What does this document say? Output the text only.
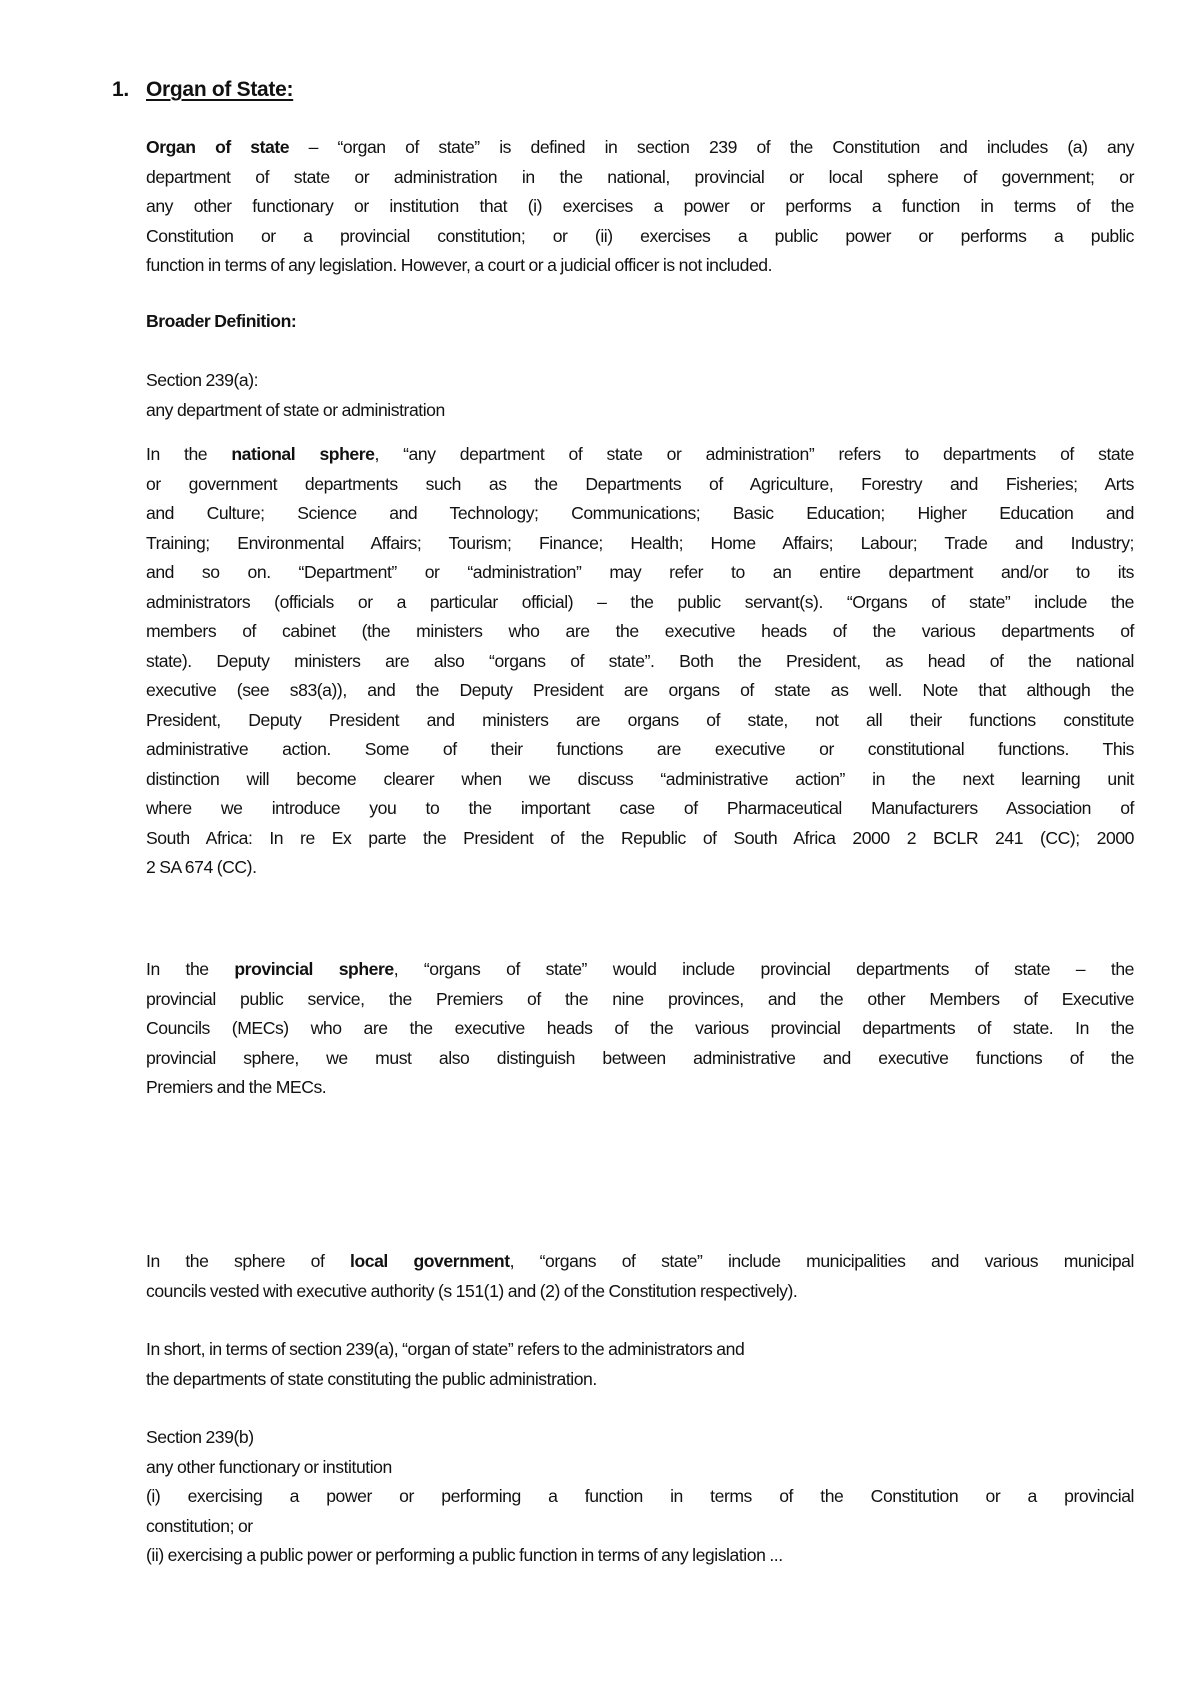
1. Organ of State:
Organ of state – “organ of state” is defined in section 239 of the Constitution and includes (a) any
department of state or administration in the national, provincial or local sphere of government; or
any other functionary or institution that (i) exercises a power or performs a function in terms of the
Constitution or a provincial constitution; or (ii) exercises a public power or performs a public
function in terms of any legislation. However, a court or a judicial officer is not included.
Broader Definition:
Section 239(a):
any department of state or administration
In the national sphere, “any department of state or administration” refers to departments of state
or government departments such as the Departments of Agriculture, Forestry and Fisheries; Arts
and Culture; Science and Technology; Communications; Basic Education; Higher Education and
Training; Environmental Affairs; Tourism; Finance; Health; Home Affairs; Labour; Trade and Industry;
and so on. “Department” or “administration” may refer to an entire department and/or to its
administrators (officials or a particular official) – the public servant(s). “Organs of state” include the
members of cabinet (the ministers who are the executive heads of the various departments of
state). Deputy ministers are also “organs of state”. Both the President, as head of the national
executive (see s83(a)), and the Deputy President are organs of state as well. Note that although the
President, Deputy President and ministers are organs of state, not all their functions constitute
administrative action. Some of their functions are executive or constitutional functions. This
distinction will become clearer when we discuss “administrative action” in the next learning unit
where we introduce you to the important case of Pharmaceutical Manufacturers Association of
South Africa: In re Ex parte the President of the Republic of South Africa 2000 2 BCLR 241 (CC); 2000
2 SA 674 (CC).
In the provincial sphere, “organs of state” would include provincial departments of state – the
provincial public service, the Premiers of the nine provinces, and the other Members of Executive
Councils (MECs) who are the executive heads of the various provincial departments of state. In the
provincial sphere, we must also distinguish between administrative and executive functions of the
Premiers and the MECs.
In the sphere of local government, “organs of state” include municipalities and various municipal
councils vested with executive authority (s 151(1) and (2) of the Constitution respectively).
In short, in terms of section 239(a), “organ of state” refers to the administrators and
the departments of state constituting the public administration.
Section 239(b)
any other functionary or institution
(i) exercising a power or performing a function in terms of the Constitution or a provincial
constitution; or
(ii) exercising a public power or performing a public function in terms of any legislation ...
